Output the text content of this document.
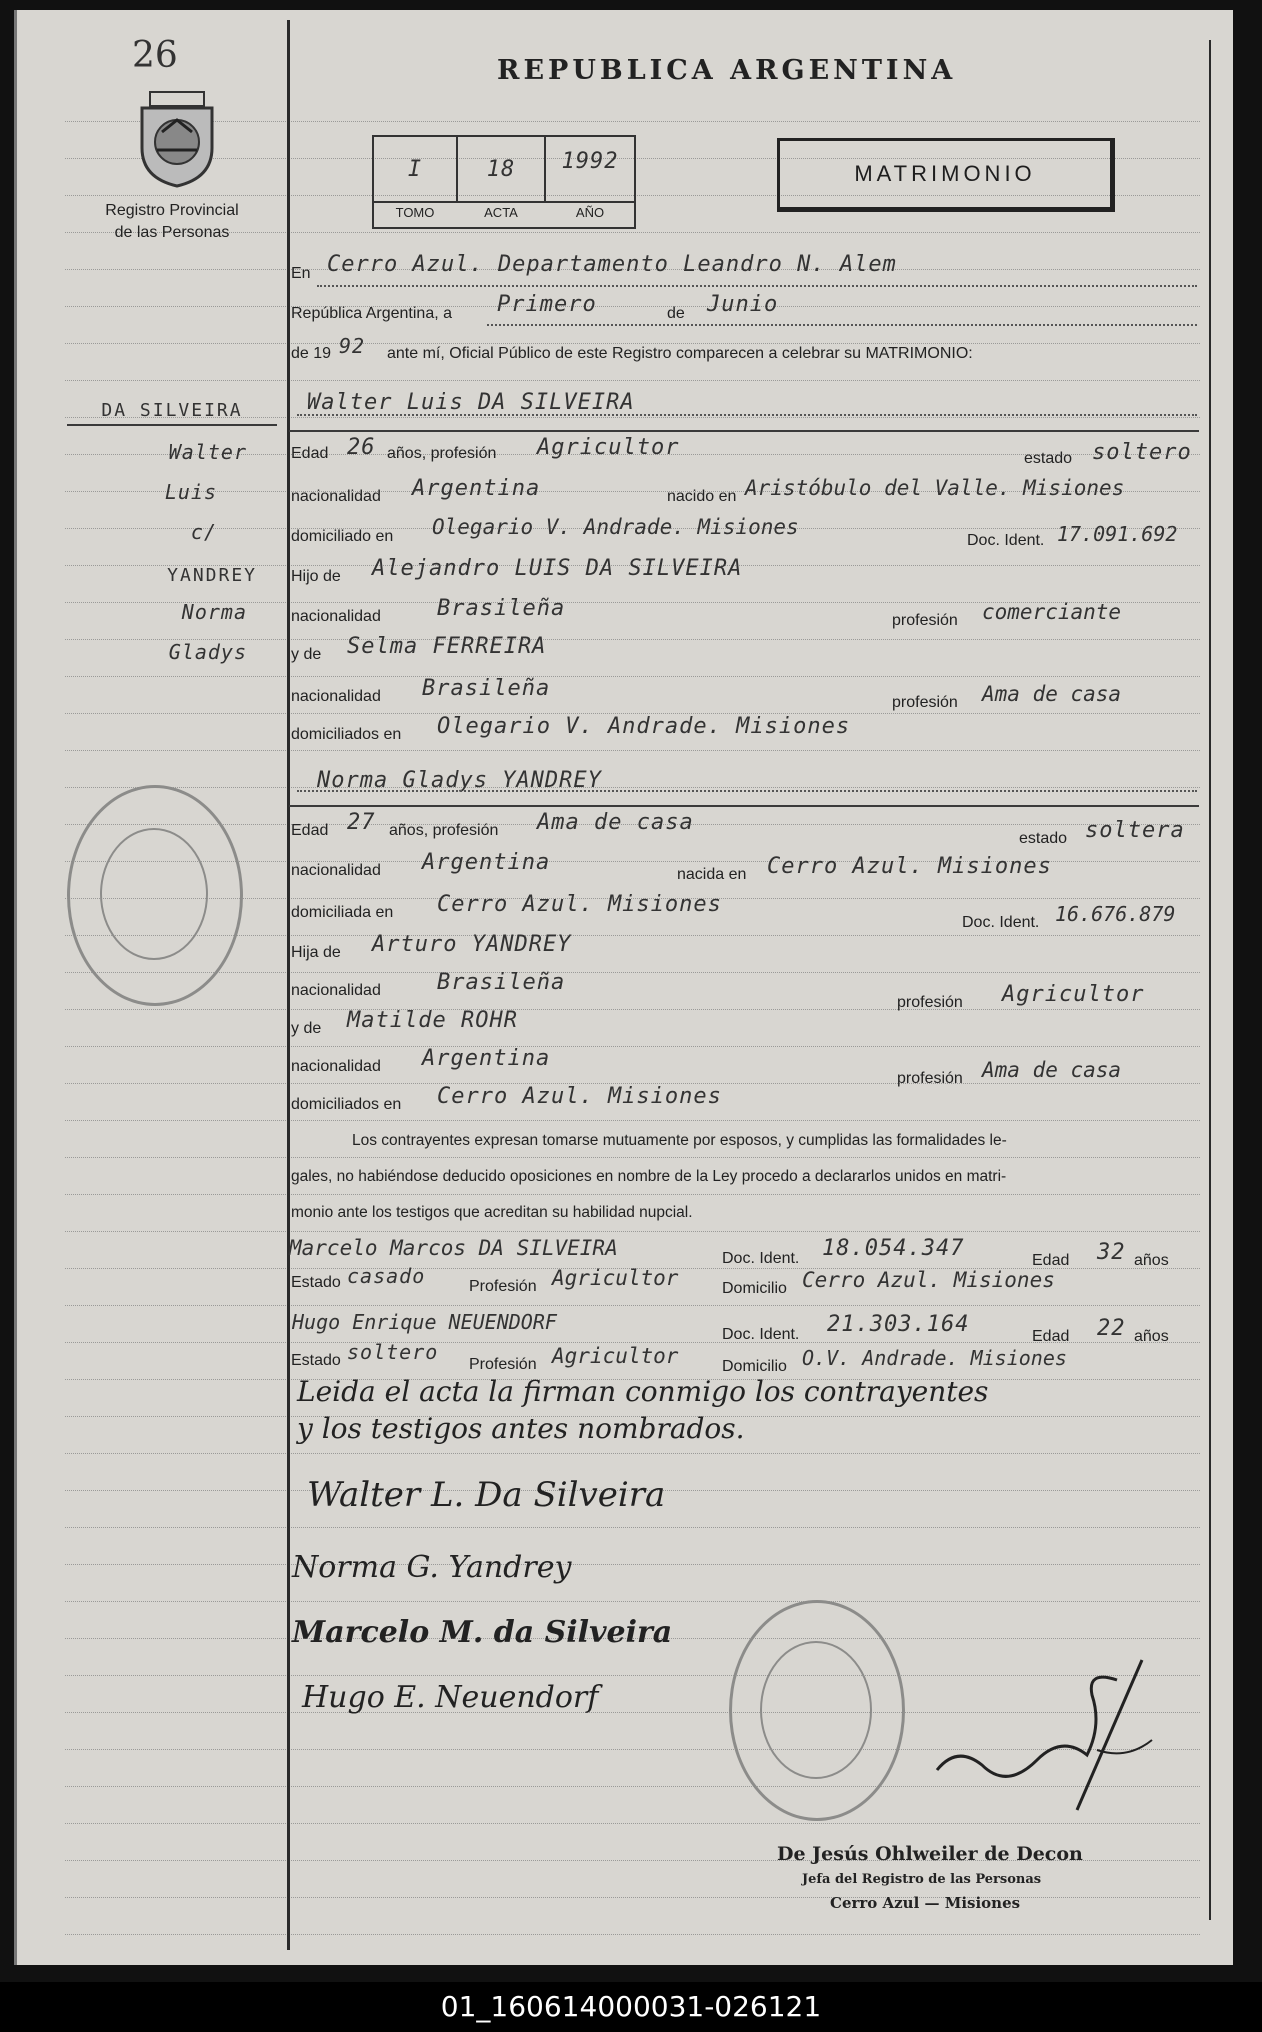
26
Registro Provincial
de las Personas
REPUBLICA ARGENTINA
I	18	1992
TOMO	ACTA	AÑO
MATRIMONIO
DA SILVEIRA
Walter
Luis
c/
YANDREY
Norma
Gladys
En Cerro Azul. Departamento Leandro N. Alem
República Argentina, a Primero	de Junio
de 19 92 ante mí, Oficial Público de este Registro comparecen a celebrar su MATRIMONIO:
Walter Luis DA SILVEIRA
Edad 26 años, profesión Agricultor	estado soltero
nacionalidad Argentina	nacido en Aristóbulo del Valle. Misiones
domiciliado en Olegario V. Andrade. Misiones
Doc. Ident. 17.091.692
Hijo de Alejandro LUIS DA SILVEIRA
nacionalidad	Brasileña	profesión comerciante
y de Selma FERREIRA
nacionalidad Brasileña
profesión Ama de casa
domiciliados en Olegario V. Andrade. Misiones
Norma Gladys YANDREY
Edad 27 años, profesión Ama de casa
estado soltera
nacionalidad Argentina	nacida en Cerro Azul. Misiones
domiciliada en Cerro Azul. Misiones
Doc. Ident. 16.676.879
Hija de Arturo YANDREY
nacionalidad	Brasileña
profesión Agricultor
y de Matilde ROHR
nacionalidad Argentina
profesión Ama de casa
domiciliados en Cerro Azul. Misiones
Los contrayentes expresan tomarse mutuamente por esposos, y cumplidas las formalidades le-
gales, no habiéndose deducido oposiciones en nombre de la Ley procedo a declararlos unidos en matri-
monio ante los testigos que acreditan su habilidad nupcial.
Marcelo Marcos DA SILVEIRA	Doc. Ident. 18.054.347	Edad 32 años
Estado casado	Profesión Agricultor	Domicilio Cerro Azul. Misiones
Hugo Enrique NEUENDORF
Doc. Ident. 21.303.164	Edad 22 años
Estado soltero
Profesión Agricultor	Domicilio O.V. Andrade. Misiones
Leida el acta la firman conmigo los contrayentes
y los testigos antes nombrados.
Walter L. Da Silveira
Norma G. Yandrey
Marcelo M. da Silveira
Hugo E. Neuendorf
De Jesús Ohlweiler de Decon
Jefa del Registro de las Personas
Cerro Azul — Misiones
01_160614000031-026121
